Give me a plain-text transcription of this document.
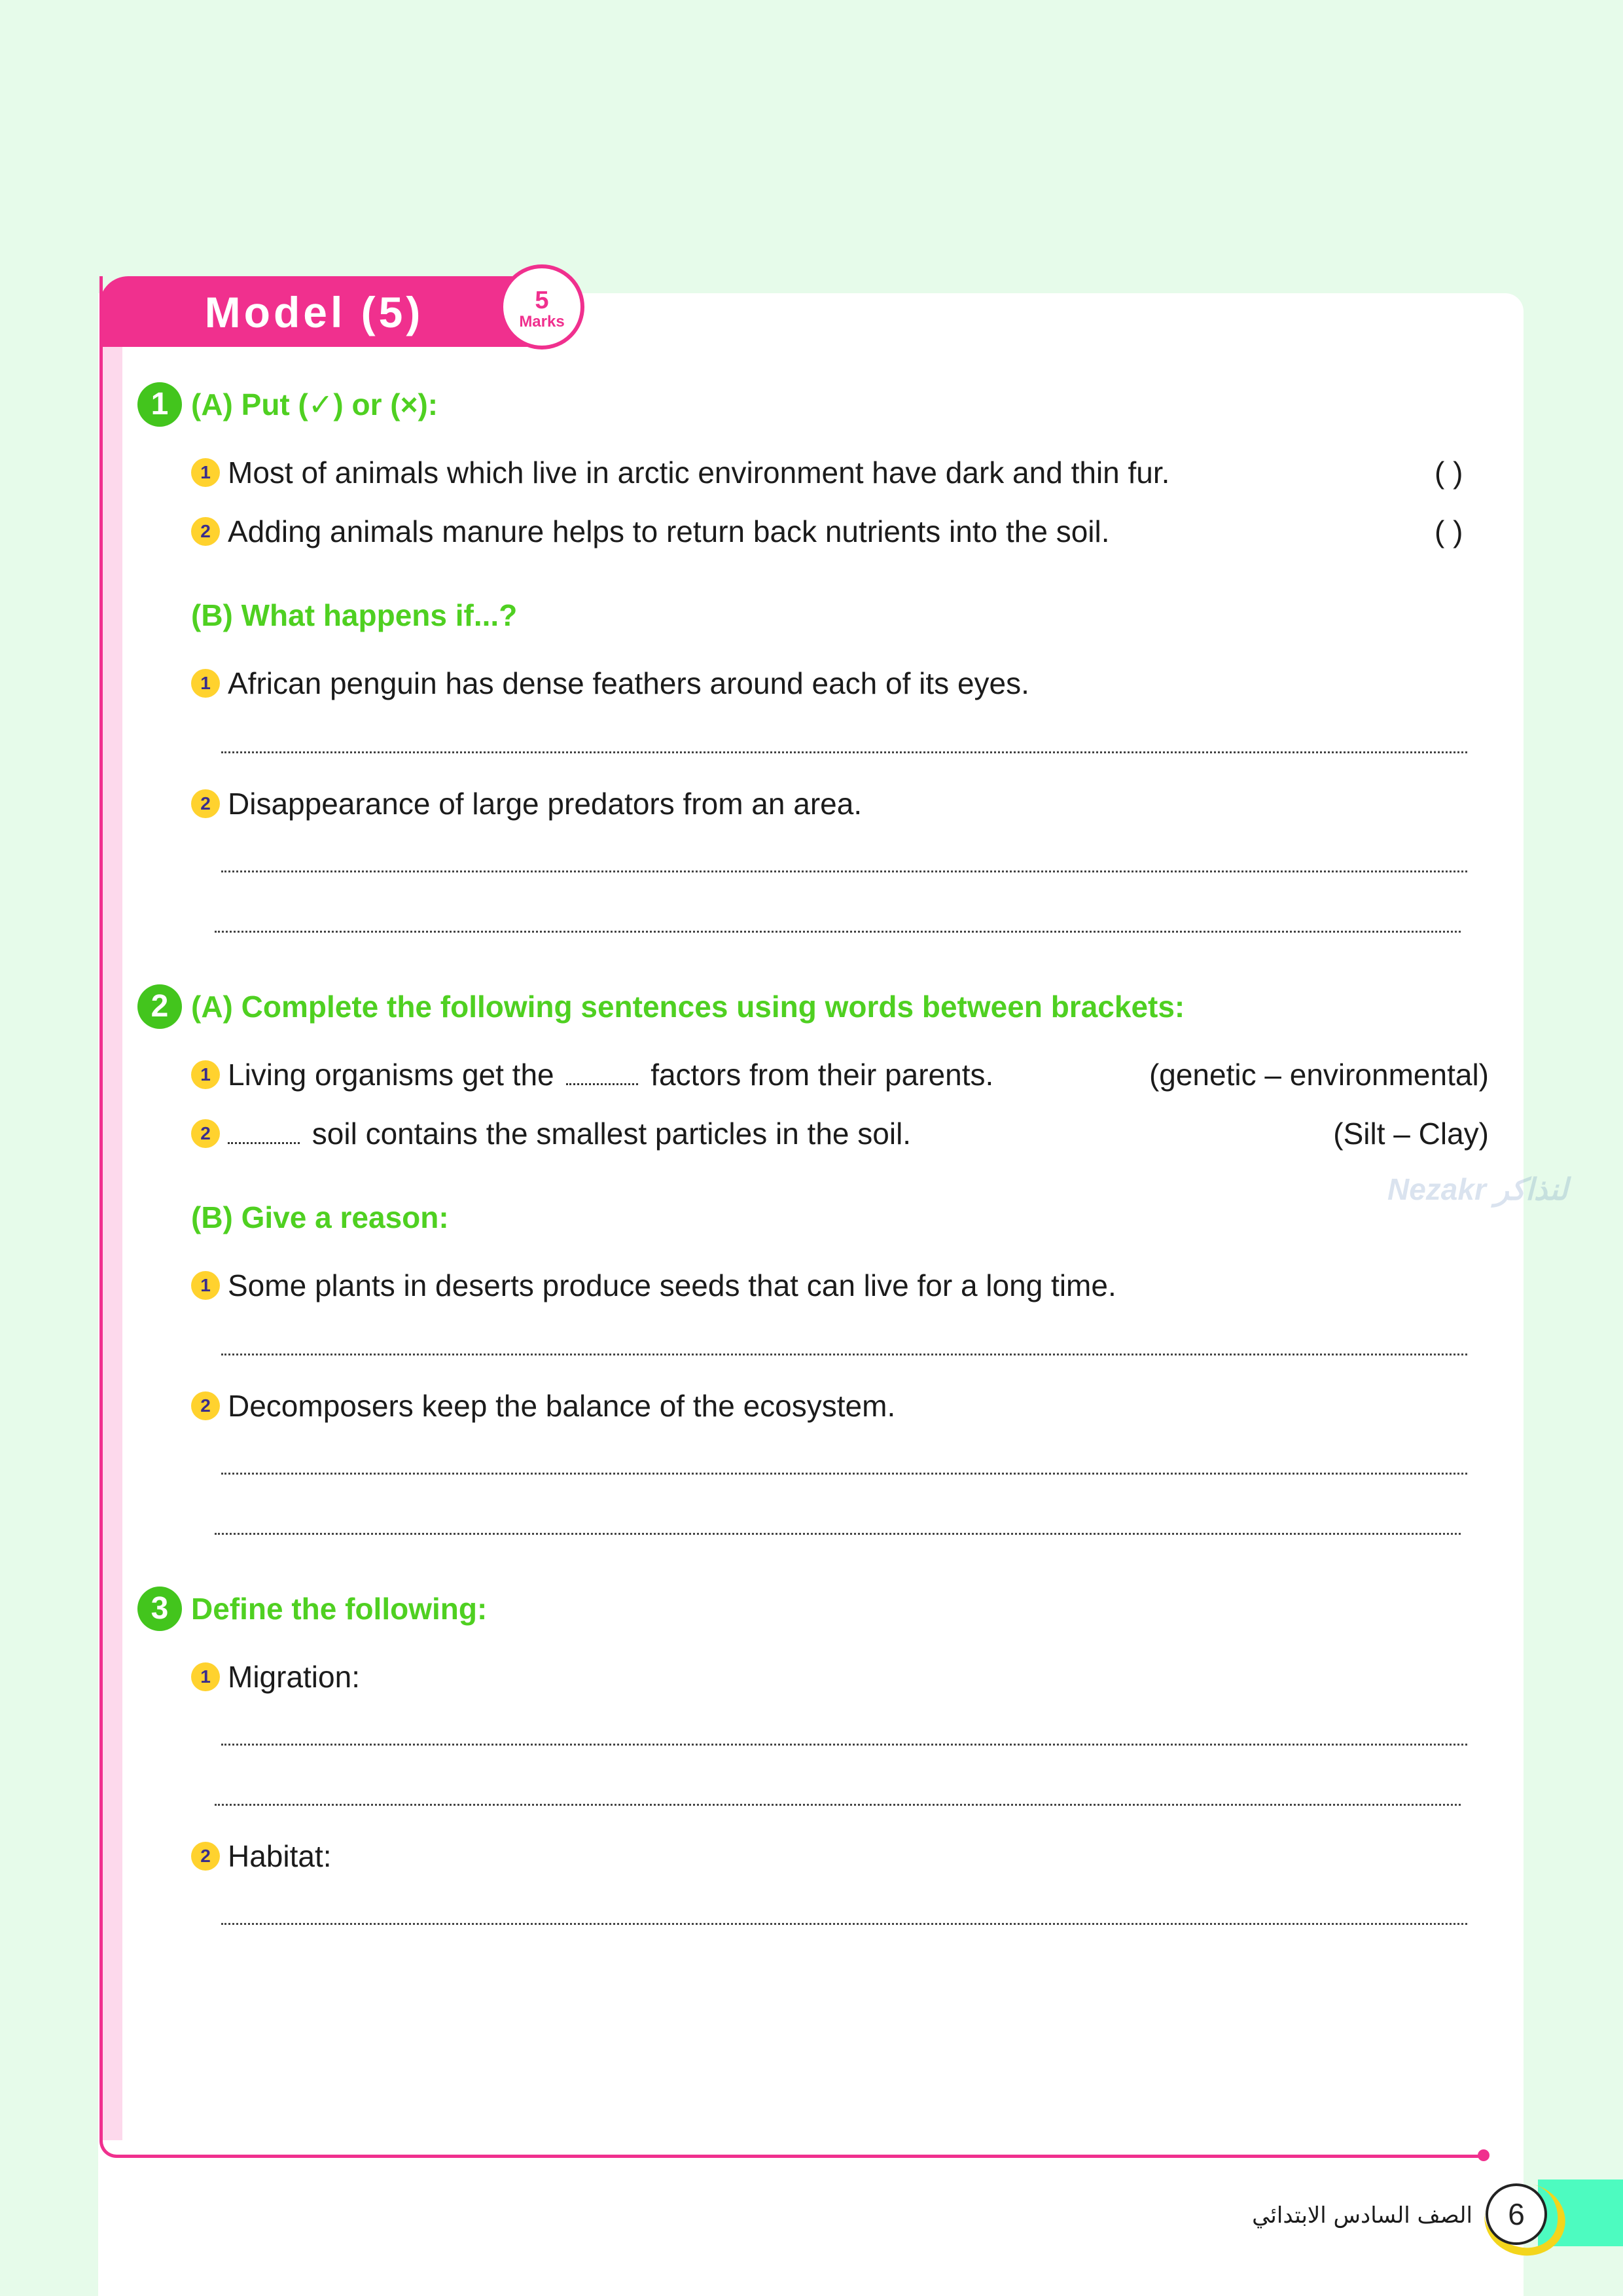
Model (5)	5
Marks
1 (A) Put (✓) or (×):
1 Most of animals which live in arctic environment have dark and thin fur.	( )
2 Adding animals manure helps to return back nutrients into the soil.	( )
(B) What happens if...?
1 African penguin has dense feathers around each of its eyes.
2 Disappearance of large predators from an area.
2 (A) Complete the following sentences using words between brackets:
1 Living organisms get the	factors from their parents.	(genetic – environmental)
2	soil contains the smallest particles in the soil.	(Silt – Clay)
Nezakr لنذاكر
(B) Give a reason:
1 Some plants in deserts produce seeds that can live for a long time.
2 Decomposers keep the balance of the ecosystem.
3 Define the following:
1 Migration:
2 Habitat:
6
الصف السادس الابتدائي
